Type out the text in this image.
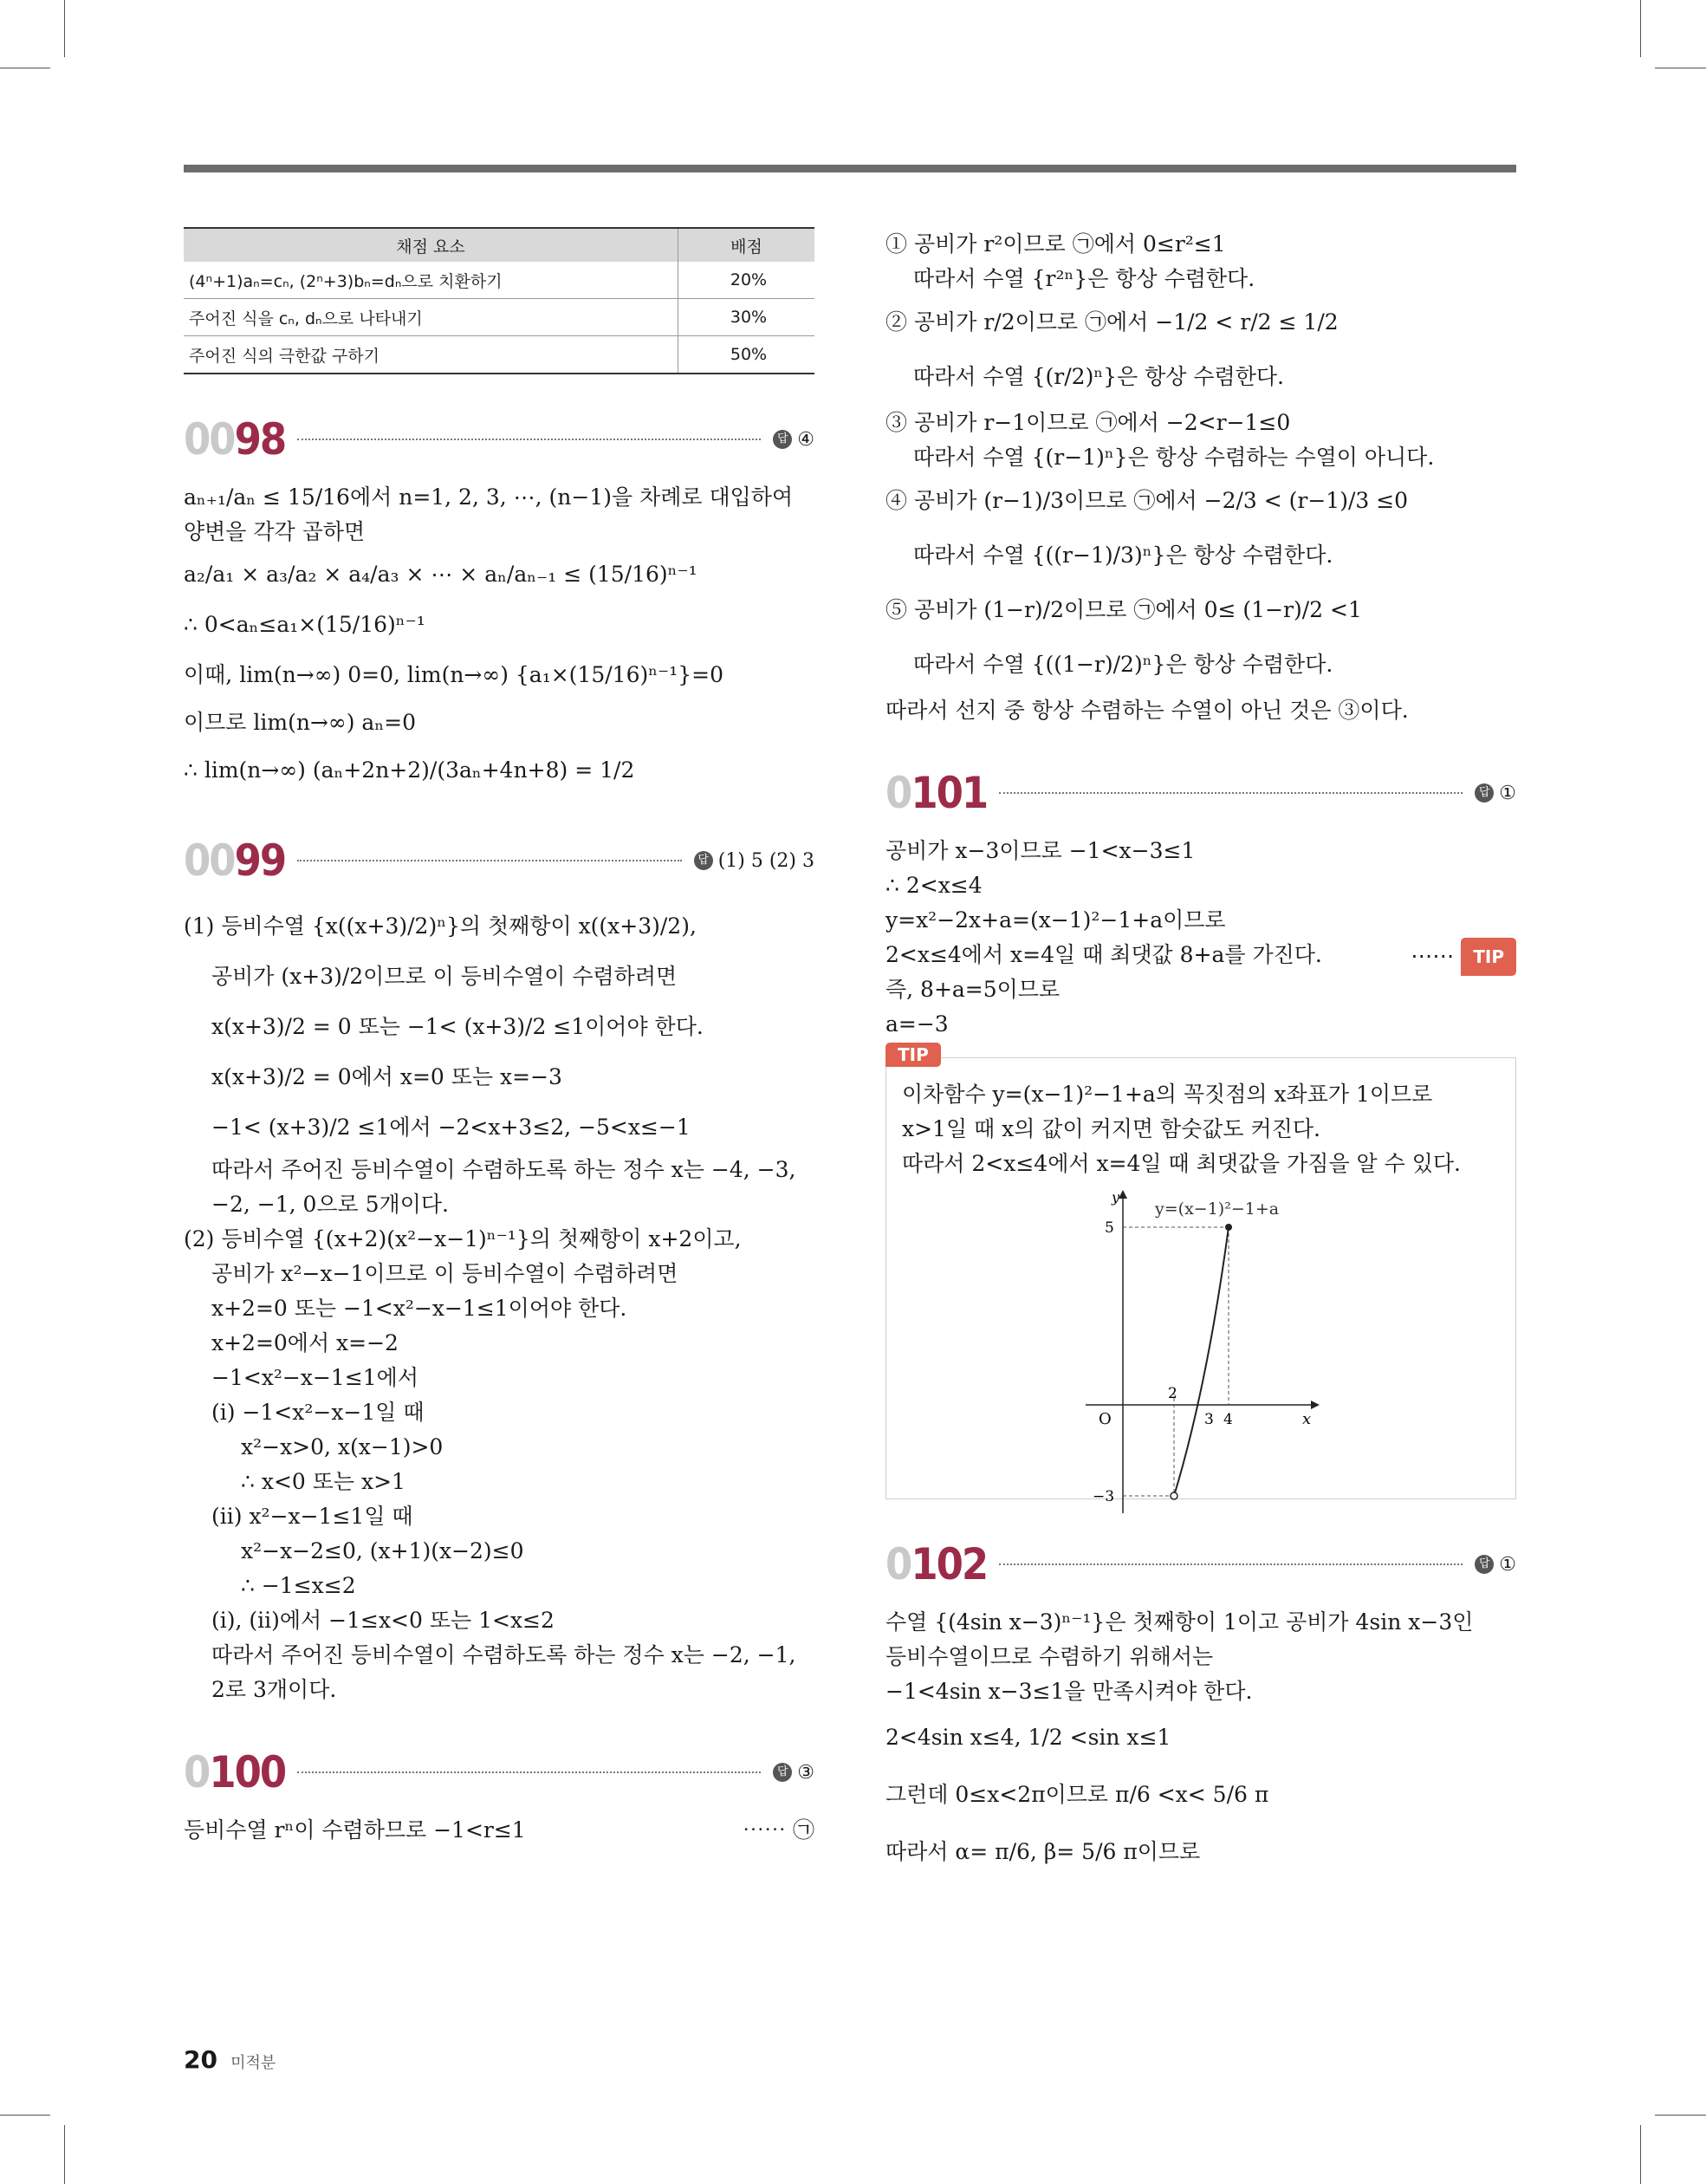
채점 요소	배점
(4ⁿ+1)aₙ=cₙ, (2ⁿ+3)bₙ=dₙ으로 치환하기	20%
주어진 식을 cₙ, dₙ으로 나타내기	30%
주어진 식의 극한값 구하기	50%
0098	답 ④
aₙ₊₁/aₙ ≤ 15/16에서 n=1, 2, 3, ⋯, (n−1)을 차례로 대입하여
양변을 각각 곱하면
a₂/a₁ × a₃/a₂ × a₄/a₃ × ⋯ × aₙ/aₙ₋₁ ≤ (15/16)ⁿ⁻¹
∴ 0<aₙ≤a₁×(15/16)ⁿ⁻¹
이때, lim(n→∞) 0=0, lim(n→∞) {a₁×(15/16)ⁿ⁻¹}=0
이므로 lim(n→∞) aₙ=0
∴ lim(n→∞) (aₙ+2n+2)/(3aₙ+4n+8) = 1/2
0099	답 (1) 5 (2) 3
(1) 등비수열 {x((x+3)/2)ⁿ}의 첫째항이 x((x+3)/2),
공비가 (x+3)/2이므로 이 등비수열이 수렴하려면
x(x+3)/2 = 0 또는 −1< (x+3)/2 ≤1이어야 한다.
x(x+3)/2 = 0에서 x=0 또는 x=−3
−1< (x+3)/2 ≤1에서 −2<x+3≤2, −5<x≤−1
따라서 주어진 등비수열이 수렴하도록 하는 정수 x는 −4, −3,
−2, −1, 0으로 5개이다.
(2) 등비수열 {(x+2)(x²−x−1)ⁿ⁻¹}의 첫째항이 x+2이고,
공비가 x²−x−1이므로 이 등비수열이 수렴하려면
x+2=0 또는 −1<x²−x−1≤1이어야 한다.
x+2=0에서 x=−2
−1<x²−x−1≤1에서
(ⅰ) −1<x²−x−1일 때
x²−x>0, x(x−1)>0
∴ x<0 또는 x>1
(ⅱ) x²−x−1≤1일 때
x²−x−2≤0, (x+1)(x−2)≤0
∴ −1≤x≤2
(ⅰ), (ⅱ)에서 −1≤x<0 또는 1<x≤2
따라서 주어진 등비수열이 수렴하도록 하는 정수 x는 −2, −1,
2로 3개이다.
0100	답 ③
등비수열 rⁿ이 수렴하므로 −1<r≤1	⋯⋯ ㉠
① 공비가 r²이므로 ㉠에서 0≤r²≤1
따라서 수열 {r²ⁿ}은 항상 수렴한다.
② 공비가 r/2이므로 ㉠에서 −1/2 < r/2 ≤ 1/2
따라서 수열 {(r/2)ⁿ}은 항상 수렴한다.
③ 공비가 r−1이므로 ㉠에서 −2<r−1≤0
따라서 수열 {(r−1)ⁿ}은 항상 수렴하는 수열이 아니다.
④ 공비가 (r−1)/3이므로 ㉠에서 −2/3 < (r−1)/3 ≤0
따라서 수열 {((r−1)/3)ⁿ}은 항상 수렴한다.
⑤ 공비가 (1−r)/2이므로 ㉠에서 0≤ (1−r)/2 <1
따라서 수열 {((1−r)/2)ⁿ}은 항상 수렴한다.
따라서 선지 중 항상 수렴하는 수열이 아닌 것은 ③이다.
0101	답 ①
공비가 x−3이므로 −1<x−3≤1
∴ 2<x≤4
y=x²−2x+a=(x−1)²−1+a이므로
2<x≤4에서 x=4일 때 최댓값 8+a를 가진다.	⋯⋯ TIP
즉, 8+a=5이므로
a=−3
TIP
이차함수 y=(x−1)²−1+a의 꼭짓점의 x좌표가 1이므로
x>1일 때 x의 값이 커지면 함숫값도 커진다.
따라서 2<x≤4에서 x=4일 때 최댓값을 가짐을 알 수 있다.
y=(x−1)²−1+a
y
x
O
2
3 4
5
−3
0102	답 ①
수열 {(4sin x−3)ⁿ⁻¹}은 첫째항이 1이고 공비가 4sin x−3인
등비수열이므로 수렴하기 위해서는
−1<4sin x−3≤1을 만족시켜야 한다.
2<4sin x≤4, 1/2 <sin x≤1
그런데 0≤x<2π이므로 π/6 <x< 5/6 π
따라서 α= π/6, β= 5/6 π이므로
20 미적분
